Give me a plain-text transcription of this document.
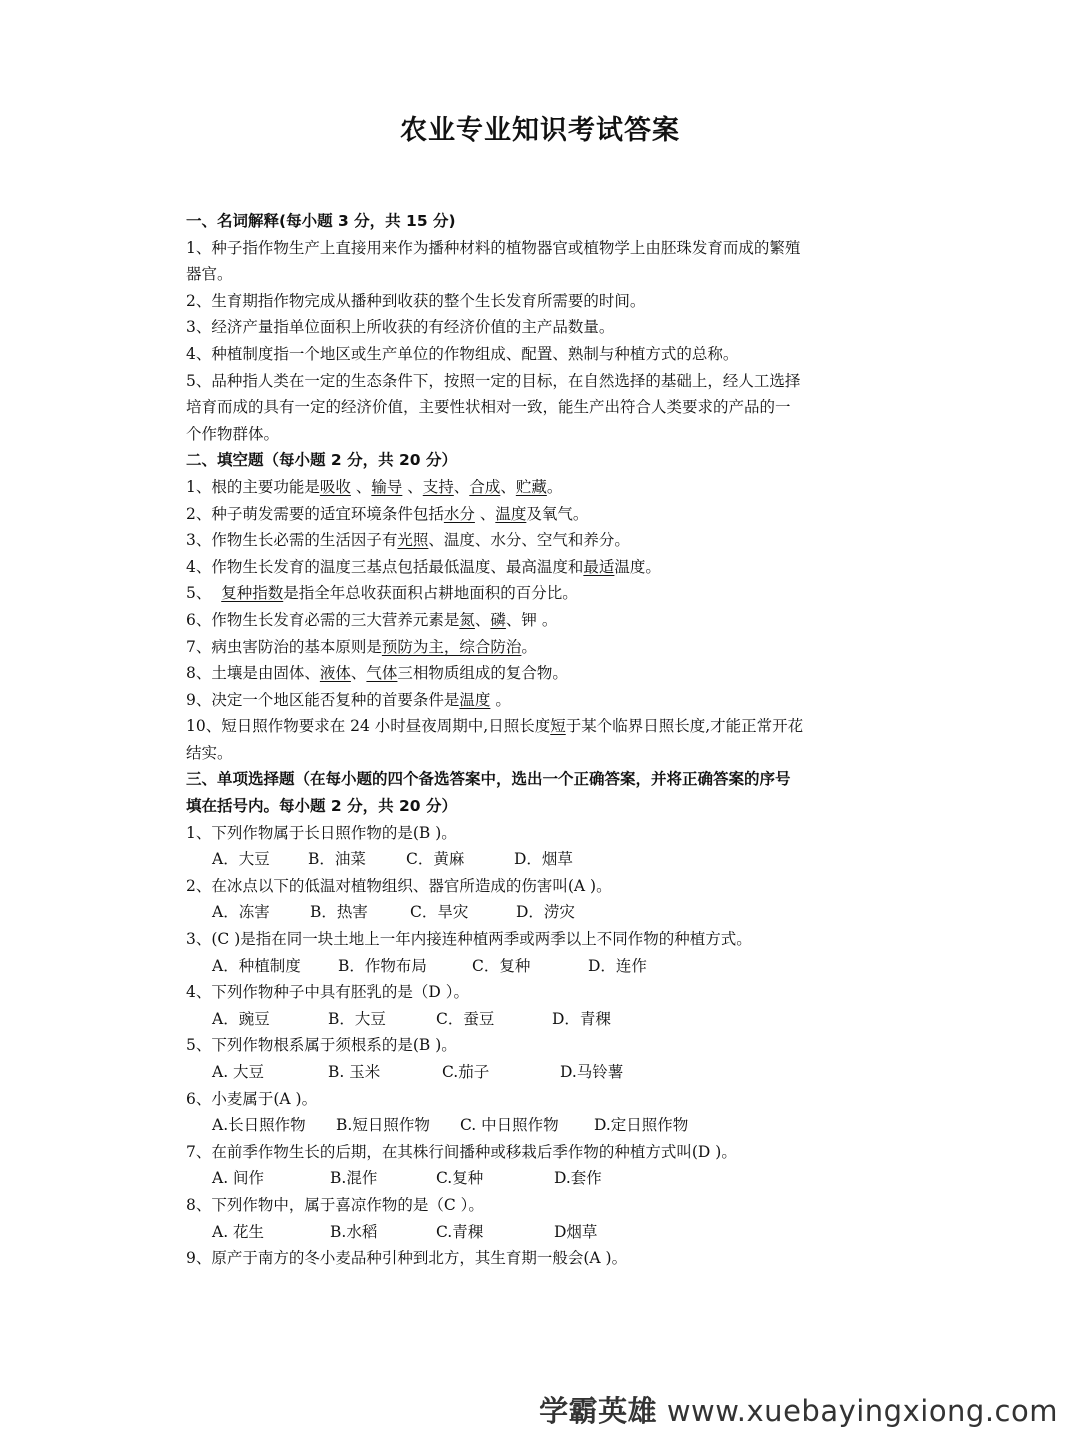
农业专业知识考试答案
一、名词解释(每小题 3 分，共 15 分)
1、种子指作物生产上直接用来作为播种材料的植物器官或植物学上由胚珠发育而成的繁殖
器官。
2、生育期指作物完成从播种到收获的整个生长发育所需要的时间。
3、经济产量指单位面积上所收获的有经济价值的主产品数量。
4、种植制度指一个地区或生产单位的作物组成、配置、熟制与种植方式的总称。
5、品种指人类在一定的生态条件下，按照一定的目标，在自然选择的基础上，经人工选择
培育而成的具有一定的经济价值，主要性状相对一致，能生产出符合人类要求的产品的一
个作物群体。
二、填空题（每小题 2 分，共 20 分）
1、根的主要功能是吸收 、输导 、支持、合成、贮藏。
2、种子萌发需要的适宜环境条件包括水分 、温度及氧气。
3、作物生长必需的生活因子有光照、温度、水分、空气和养分。
4、作物生长发育的温度三基点包括最低温度、最高温度和最适温度。
5、  复种指数是指全年总收获面积占耕地面积的百分比。
6、作物生长发育必需的三大营养元素是氮、磷、钾 。
7、病虫害防治的基本原则是预防为主，综合防治。
8、土壤是由固体、液体、气体三相物质组成的复合物。
9、决定一个地区能否复种的首要条件是温度 。
10、短日照作物要求在 24 小时昼夜周期中,日照长度短于某个临界日照长度,才能正常开花
结实。
三、单项选择题（在每小题的四个备选答案中，选出一个正确答案，并将正确答案的序号
填在括号内。每小题 2 分，共 20 分）
1、下列作物属于长日照作物的是(B )。
A．大豆 B．油菜	C．黄麻	D．烟草
2、在冰点以下的低温对植物组织、器官所造成的伤害叫(A )。
A．冻害	B．热害	C．旱灾	D．涝灾
3、(C )是指在同一块土地上一年内接连种植两季或两季以上不同作物的种植方式。
A．种植制度 B．作物布局	C．复种	D．连作
4、下列作物种子中具有胚乳的是（D ）。
A．豌豆	B．大豆	C．蚕豆	D．青稞
5、下列作物根系属于须根系的是(B )。
A. 大豆	B. 玉米	C.茄子	D.马铃薯
6、小麦属于(A )。
A.长日照作物 B.短日照作物 C. 中日照作物 D.定日照作物
7、在前季作物生长的后期，在其株行间播种或移栽后季作物的种植方式叫(D )。
A. 间作	B.混作	C.复种	D.套作
8、下列作物中，属于喜凉作物的是（C ）。
A. 花生	B.水稻	C.青稞	D烟草
9、原产于南方的冬小麦品种引种到北方，其生育期一般会(A )。
学霸英雄 www.xuebayingxiong.com
